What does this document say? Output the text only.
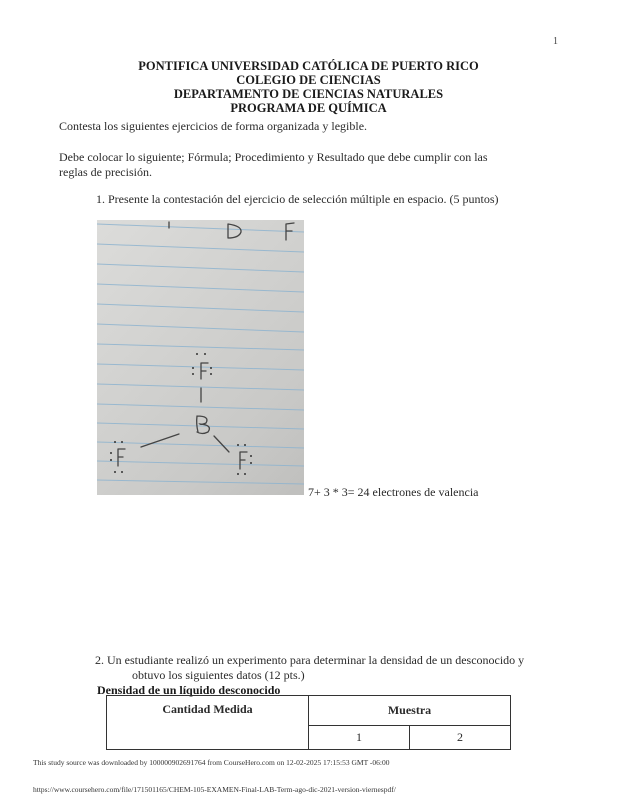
1
PONTIFICA UNIVERSIDAD CATÓLICA DE PUERTO RICO
COLEGIO DE CIENCIAS
DEPARTAMENTO DE CIENCIAS NATURALES
PROGRAMA DE QUÍMICA
Contesta los siguientes ejercicios de forma organizada y legible.
Debe colocar lo siguiente; Fórmula; Procedimiento y Resultado que debe cumplir con las reglas de precisión.
1. Presente la contestación del ejercicio de selección múltiple en espacio. (5 puntos)
7+ 3 * 3= 24 electrones de valencia
2. Un estudiante realizó un experimento para determinar la densidad de un desconocido y
obtuvo los siguientes datos (12 pts.)
Densidad de un líquido desconocido
Cantidad Medida	Muestra	
	1	2
This study source was downloaded by 100000902691764 from CourseHero.com on 12-02-2025 17:15:53 GMT -06:00
https://www.coursehero.com/file/171501165/CHEM-105-EXAMEN-Final-LAB-Term-ago-dic-2021-version-viernespdf/
